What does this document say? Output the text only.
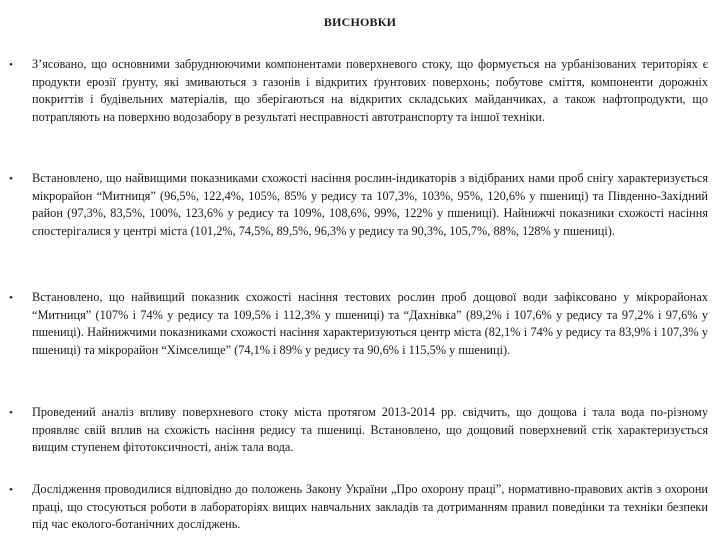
ВИСНОВКИ
• З’ясовано, що основними забруднюючими компонентами поверхневого стоку, що формується на урбанізованих територіях є продукти ерозії ґрунту, які змиваються з газонів і відкритих ґрунтових поверхонь; побутове сміття, компоненти дорожніх покриттів і будівельних матеріалів, що зберігаються на відкритих складських майданчиках, а також нафтопродукти, що потрапляють на поверхню водозабору в результаті несправності автотранспорту та іншої техніки.

• Встановлено, що найвищими показниками схожості насіння рослин-індикаторів з відібраних нами проб снігу характеризується мікрорайон “Митниця” (96,5%, 122,4%, 105%, 85% у редису та 107,3%, 103%, 95%, 120,6% у пшениці) та Південно-Західний район (97,3%, 83,5%, 100%, 123,6% у редису та 109%, 108,6%, 99%, 122% у пшениці). Найнижчі показники схожості насіння спостерігалися у центрі міста (101,2%, 74,5%, 89,5%, 96,3% у редису та 90,3%, 105,7%, 88%, 128% у пшениці).

• Встановлено, що найвищий показник схожості насіння тестових рослин проб дощової води зафіксовано у мікрорайонах “Митниця” (107% і 74% у редису та 109,5% і 112,3% у пшениці) та “Дахнівка” (89,2% і 107,6% у редису та 97,2% і 97,6% у пшениці). Найнижчими показниками схожості насіння характеризуються центр міста (82,1% і 74% у редису та 83,9% і 107,3% у пшениці) та мікрорайон “Хімселище” (74,1% і 89% у редису та 90,6% і 115,5% у пшениці).

• Проведений аналіз впливу поверхневого стоку міста протягом 2013-2014 рр. свідчить, що дощова і тала вода по-різному проявляє свій вплив на схожість насіння редису та пшениці. Встановлено, що дощовий поверхневий стік характеризується вищим ступенем фітотоксичності, аніж тала вода.

• Дослідження проводилися відповідно до положень Закону України „Про охорону праці”, нормативно-правових актів з охорони праці, що стосуються роботи в лабораторіях вищих навчальних закладів та дотриманням правил поведінки та техніки безпеки під час еколого-ботанічних досліджень.
